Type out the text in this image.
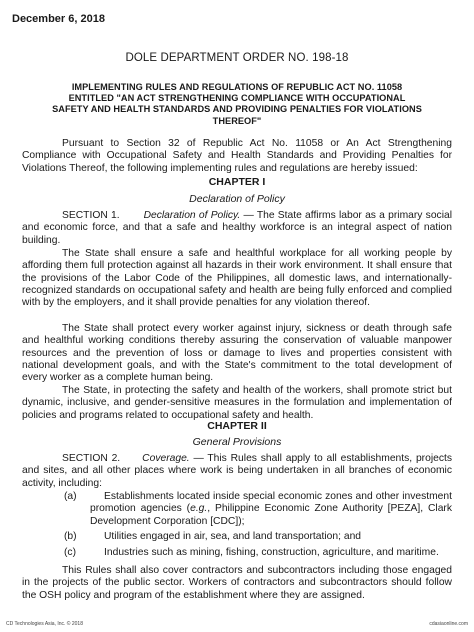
December 6, 2018
DOLE DEPARTMENT ORDER NO. 198-18
IMPLEMENTING RULES AND REGULATIONS OF REPUBLIC ACT NO. 11058
ENTITLED "AN ACT STRENGTHENING COMPLIANCE WITH OCCUPATIONAL
SAFETY AND HEALTH STANDARDS AND PROVIDING PENALTIES FOR VIOLATIONS
THEREOF"
Pursuant to Section 32 of Republic Act No. 11058 or An Act Strengthening Compliance with Occupational Safety and Health Standards and Providing Penalties for Violations Thereof, the following implementing rules and regulations are hereby issued:
CHAPTER I
Declaration of Policy
SECTION 1. Declaration of Policy. — The State affirms labor as a primary social and economic force, and that a safe and healthy workforce is an integral aspect of nation building.
The State shall ensure a safe and healthful workplace for all working people by affording them full protection against all hazards in their work environment. It shall ensure that the provisions of the Labor Code of the Philippines, all domestic laws, and internationally-recognized standards on occupational safety and health are being fully enforced and complied with by the employers, and it shall provide penalties for any violation thereof.
The State shall protect every worker against injury, sickness or death through safe and healthful working conditions thereby assuring the conservation of valuable manpower resources and the prevention of loss or damage to lives and properties consistent with national development goals, and with the State's commitment to the total development of every worker as a complete human being.
The State, in protecting the safety and health of the workers, shall promote strict but dynamic, inclusive, and gender-sensitive measures in the formulation and implementation of policies and programs related to occupational safety and health.
CHAPTER II
General Provisions
SECTION 2. Coverage. — This Rules shall apply to all establishments, projects and sites, and all other places where work is being undertaken in all branches of economic activity, including:
(a)	Establishments located inside special economic zones and other investment promotion agencies (e.g., Philippine Economic Zone Authority [PEZA], Clark Development Corporation [CDC]);
(b)	Utilities engaged in air, sea, and land transportation; and
(c)	Industries such as mining, fishing, construction, agriculture, and maritime.
This Rules shall also cover contractors and subcontractors including those engaged in the projects of the public sector. Workers of contractors and subcontractors should follow the OSH policy and program of the establishment where they are assigned.
CD Technologies Asia, Inc. © 2018	cdasiaonline.com
